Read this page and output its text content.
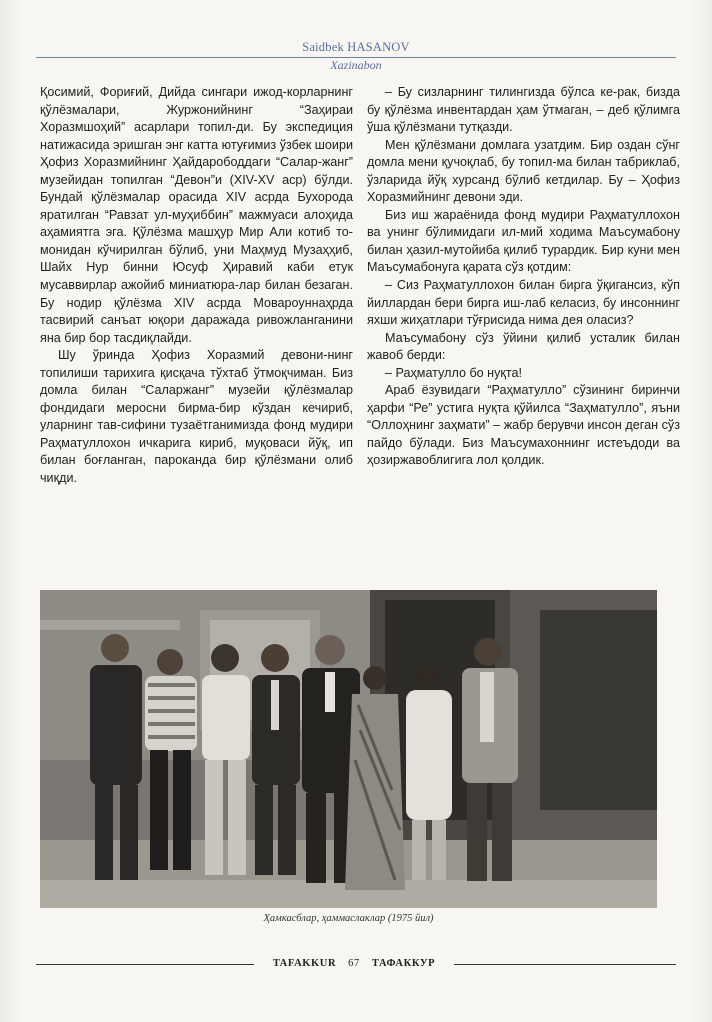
Saidbek HASANOV
Xazinabon

Қосимий, Фориғий, Дийда сингари ижод-корларнинг қўлёзмалари, Журжонийнинг “Заҳираи Хоразмшоҳий” асарлари топил-ди. Бу экспедиция натижасида эришган энг катта ютуғимиз ўзбек шоири Ҳофиз Хоразмийнинг Ҳайдарободдаги “Салар-жанг” музейидан топилган “Девон”и (XIV-XV аср) бўлди. Бундай қўлёзмалар орасида XIV асрда Бухорода яратилган “Равзат ул-муҳиббин” мажмуаси алоҳида аҳамиятга эга. Қўлёзма машҳур Мир Али котиб то-монидан кўчирилган бўлиб, уни Маҳмуд Музаҳҳиб, Шайх Нур бинни Юсуф Ҳиравий каби етук мусаввирлар ажойиб миниатюра-лар билан безаган. Бу нодир қўлёзма XIV асрда Мовароуннаҳрда тасвирий санъат юқори даражада ривожланганини яна бир бор тасдиқлайди.

Шу ўринда Ҳофиз Хоразмий девони-нинг топилиши тарихига қисқача тўхтаб ўтмоқчиман. Биз домла билан “Саларжанг” музейи қўлёзмалар фондидаги меросни бирма-бир кўздан кечириб, уларнинг тав-сифини тузаётганимизда фонд мудири Раҳматуллохон ичкарига кириб, муқоваси йўқ, ип билан боғланган, пароканда бир қўлёзмани олиб чиқди.

– Бу сизларнинг тилингизда бўлса ке-рак, бизда бу қўлёзма инвентардан ҳам ўтмаган, – деб қўлимга ўша қўлёзмани тутқазди.

Мен қўлёзмани домлага узатдим. Бир оздан сўнг домла мени қучоқлаб, бу топил-ма билан табриклаб, ўзларида йўқ хурсанд бўлиб кетдилар. Бу – Ҳофиз Хоразмийнинг девони эди.

Биз иш жараёнида фонд мудири Раҳматуллохон ва унинг бўлимидаги ил-мий ходима Маъсумабону билан ҳазил-мутойиба қилиб турардик. Бир куни мен Маъсумабонуга қарата сўз қотдим:

– Сиз Раҳматуллохон билан бирга ўқигансиз, кўп йиллардан бери бирга иш-лаб келасиз, бу инсоннинг яхши жиҳатлари тўғрисида нима дея оласиз?

Маъсумабону сўз ўйини қилиб усталик билан жавоб берди:

– Раҳматулло бо нуқта!

Араб ёзувидаги “Раҳматулло” сўзининг биринчи ҳарфи “Ре” устига нуқта қўйилса “Заҳматулло”, яъни “Оллоҳнинг заҳмати” – жабр берувчи инсон деган сўз пайдо бўлади. Биз Маъсумахоннинг истеъдоди ва ҳозиржавоблигига лол қолдик.

Ҳамкасблар, ҳаммаслаклар (1975 йил)
TAFAKKUR 67 ТАФАККУР
